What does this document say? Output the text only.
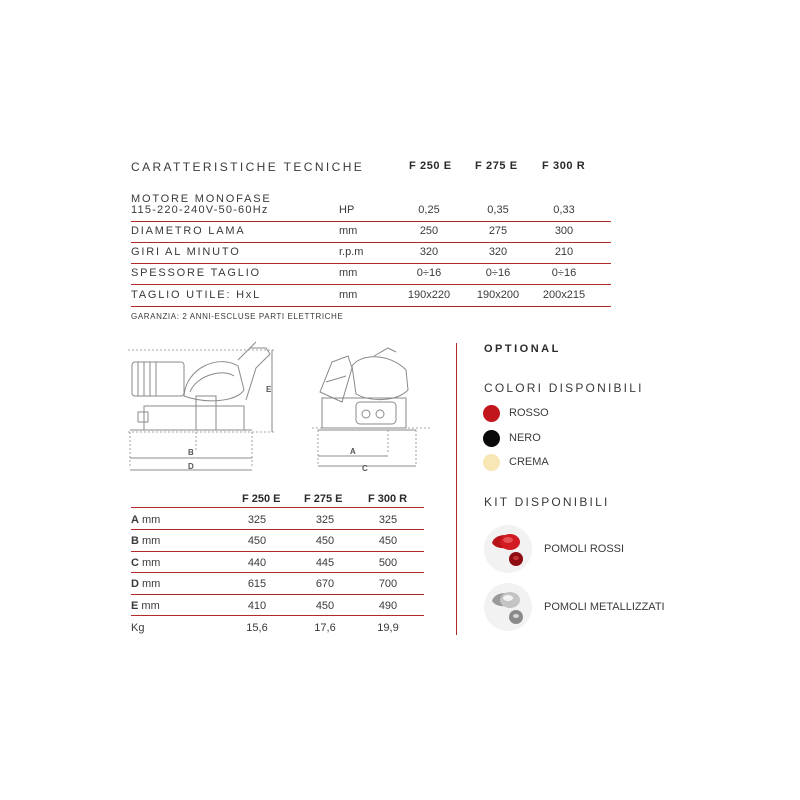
CARATTERISTICHE TECNICHE	F 250 E F 275 E F 300 R
MOTORE MONOFASE
115-220-240V-50-60Hz	HP	0,25	0,35	0,33
DIAMETRO LAMA	mm	250	275	300
GIRI AL MINUTO	r.p.m	320	320	210
SPESSORE TAGLIO	mm	0÷16	0÷16	0÷16
TAGLIO UTILE: HxL	mm	190x220	190x200	200x215
GARANZIA: 2 ANNI-ESCLUSE PARTI ELETTRICHE
B
D
E
A
C
F 250 E F 275 E F 300 R
A mm	325	325	325
B mm	450	450	450
C mm	440	445	500
D mm	615	670	700
E mm	410	450	490
Kg	15,6	17,6	19,9
OPTIONAL
COLORI DISPONIBILI
ROSSO
NERO
CREMA
KIT DISPONIBILI
POMOLI ROSSI
POMOLI METALLIZZATI
